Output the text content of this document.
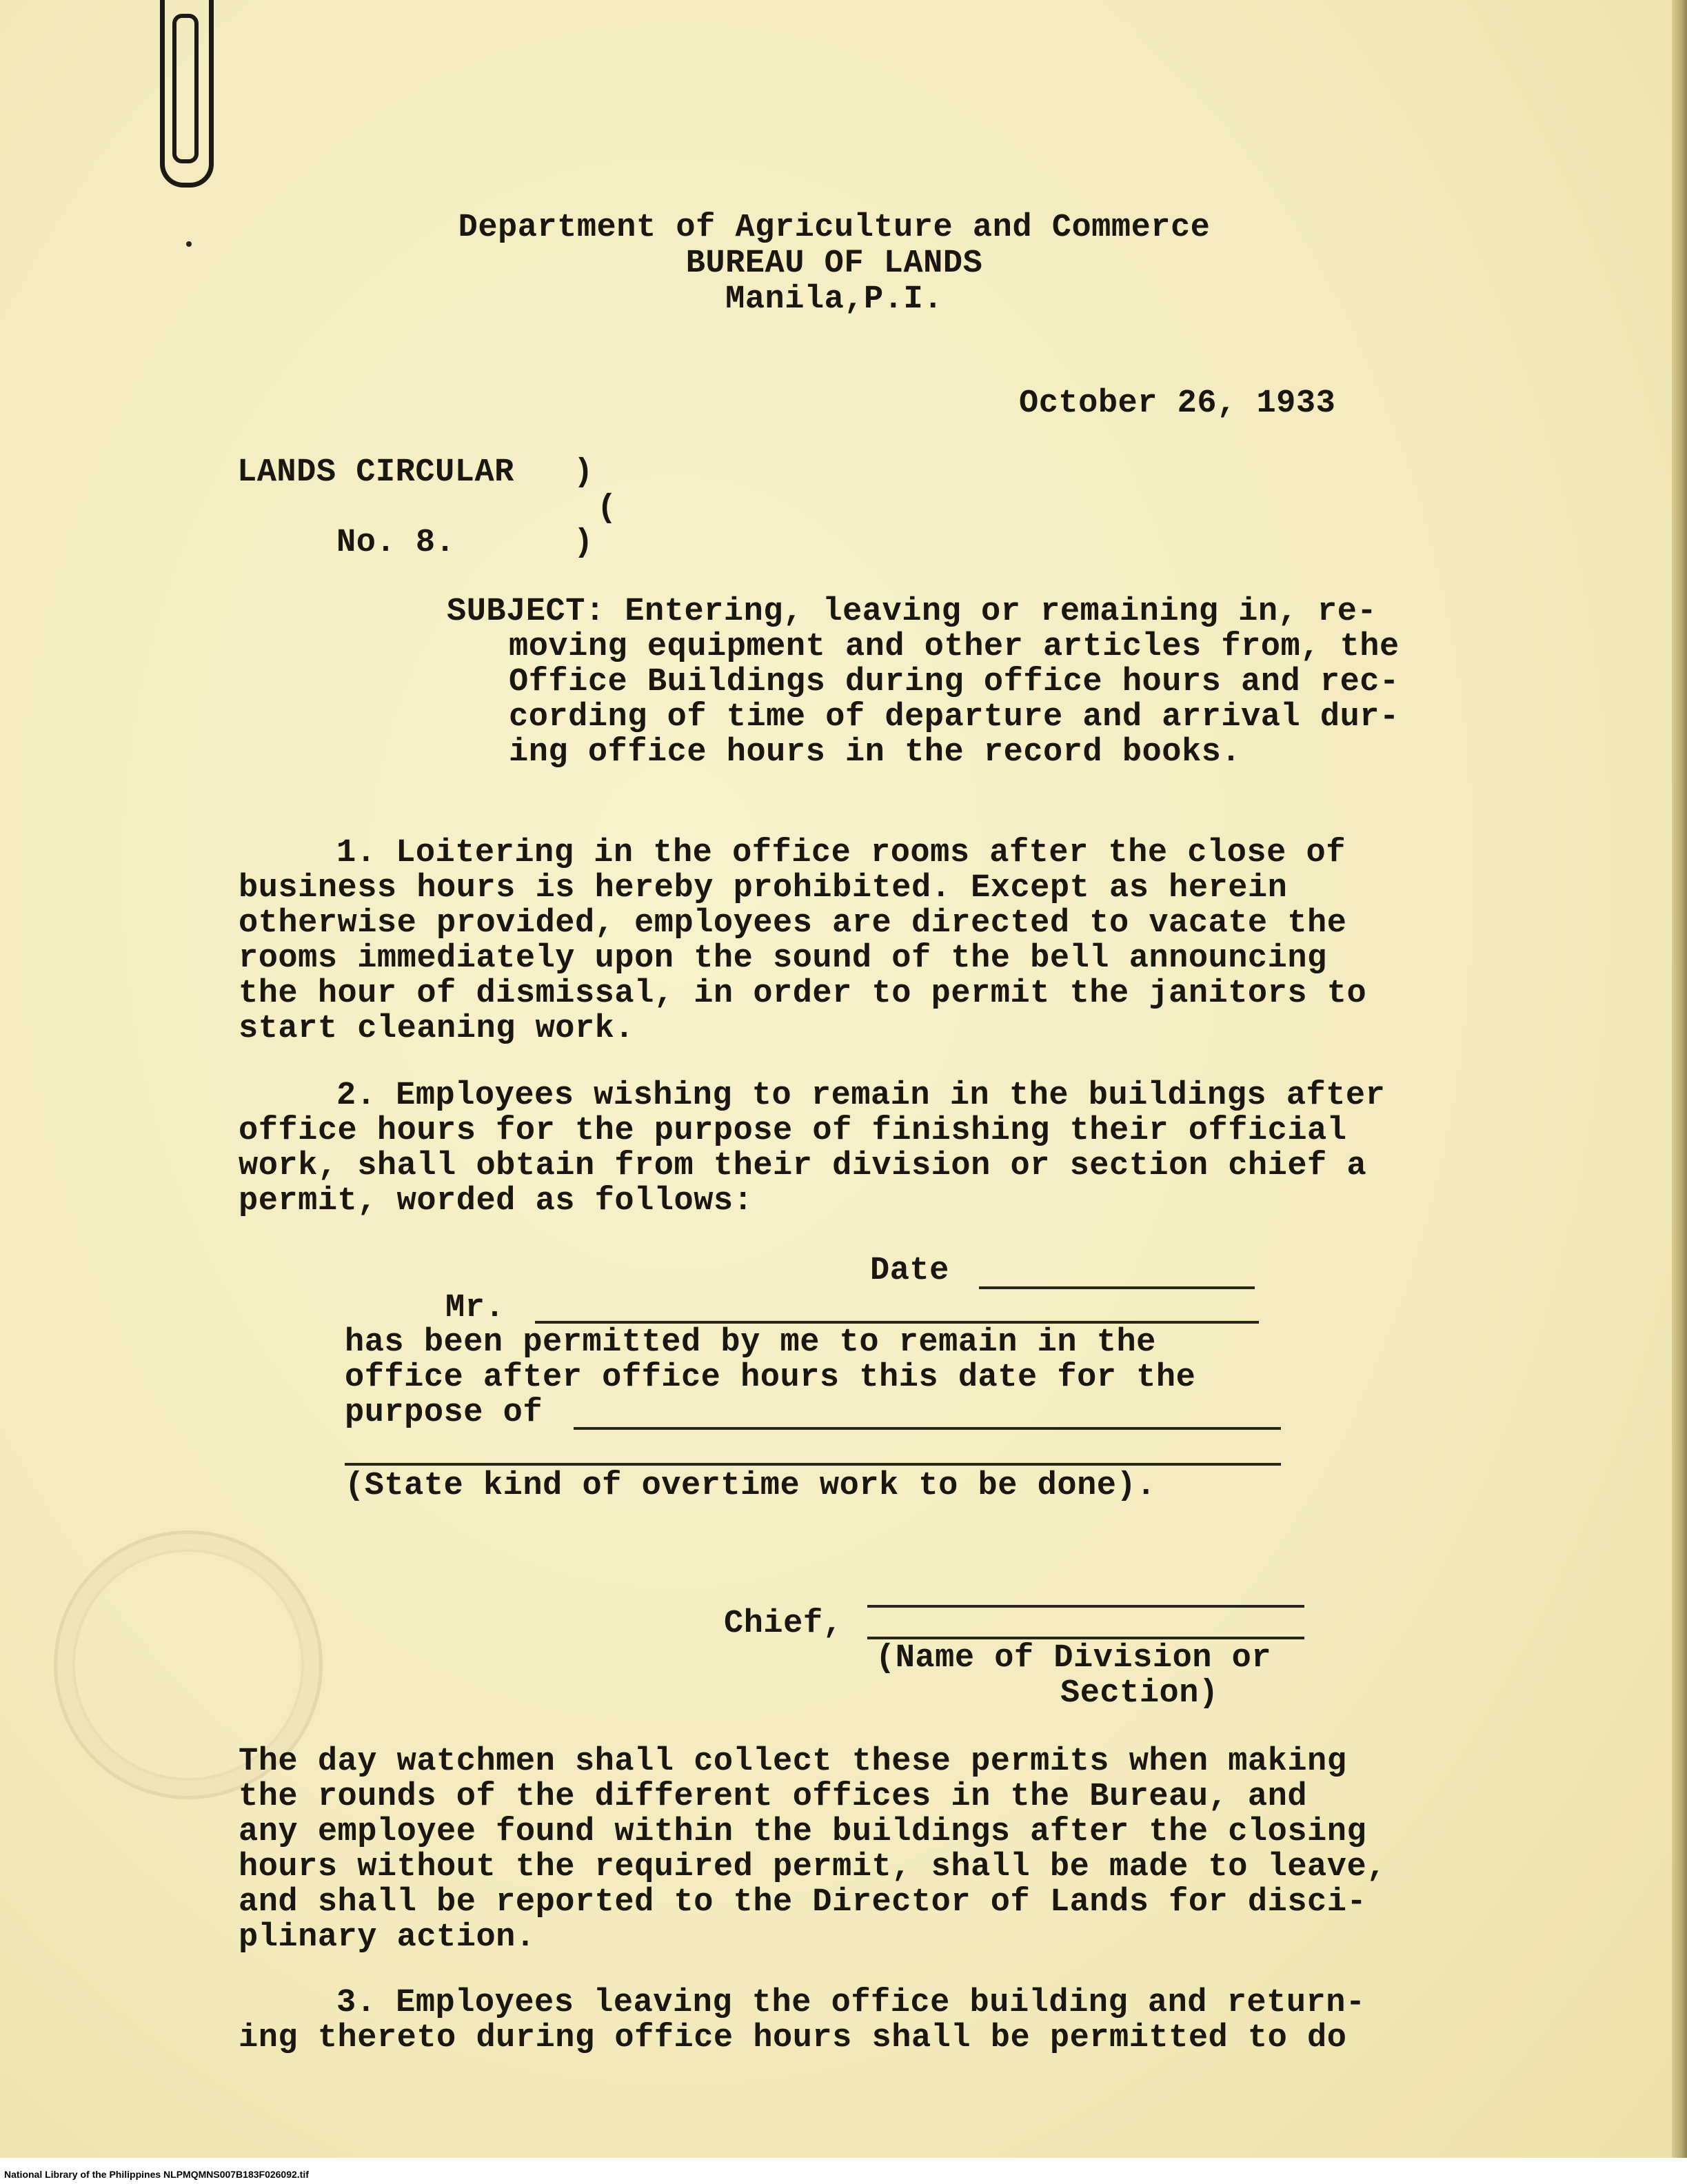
Department of Agriculture and Commerce
BUREAU OF LANDS
Manila,P.I.
October 26, 1933
LANDS CIRCULAR )
(
)
No. 8.
SUBJECT: Entering, leaving or remaining in, re-
moving equipment and other articles from, the
Office Buildings during office hours and rec-
cording of time of departure and arrival dur-
ing office hours in the record books.
1. Loitering in the office rooms after the close of
business hours is hereby prohibited. Except as herein
otherwise provided, employees are directed to vacate the
rooms immediately upon the sound of the bell announcing
the hour of dismissal, in order to permit the janitors to
start cleaning work.
2. Employees wishing to remain in the buildings after
office hours for the purpose of finishing their official
work, shall obtain from their division or section chief a
permit, worded as follows:
Date
Mr.
has been permitted by me to remain in the
office after office hours this date for the
purpose of
(State kind of overtime work to be done).
Chief,
(Name of Division or
Section)
The day watchmen shall collect these permits when making
the rounds of the different offices in the Bureau, and
any employee found within the buildings after the closing
hours without the required permit, shall be made to leave,
and shall be reported to the Director of Lands for disci-
plinary action.
3. Employees leaving the office building and return-
ing thereto during office hours shall be permitted to do
National Library of the Philippines NLPMQMNS007B183F026092.tif
